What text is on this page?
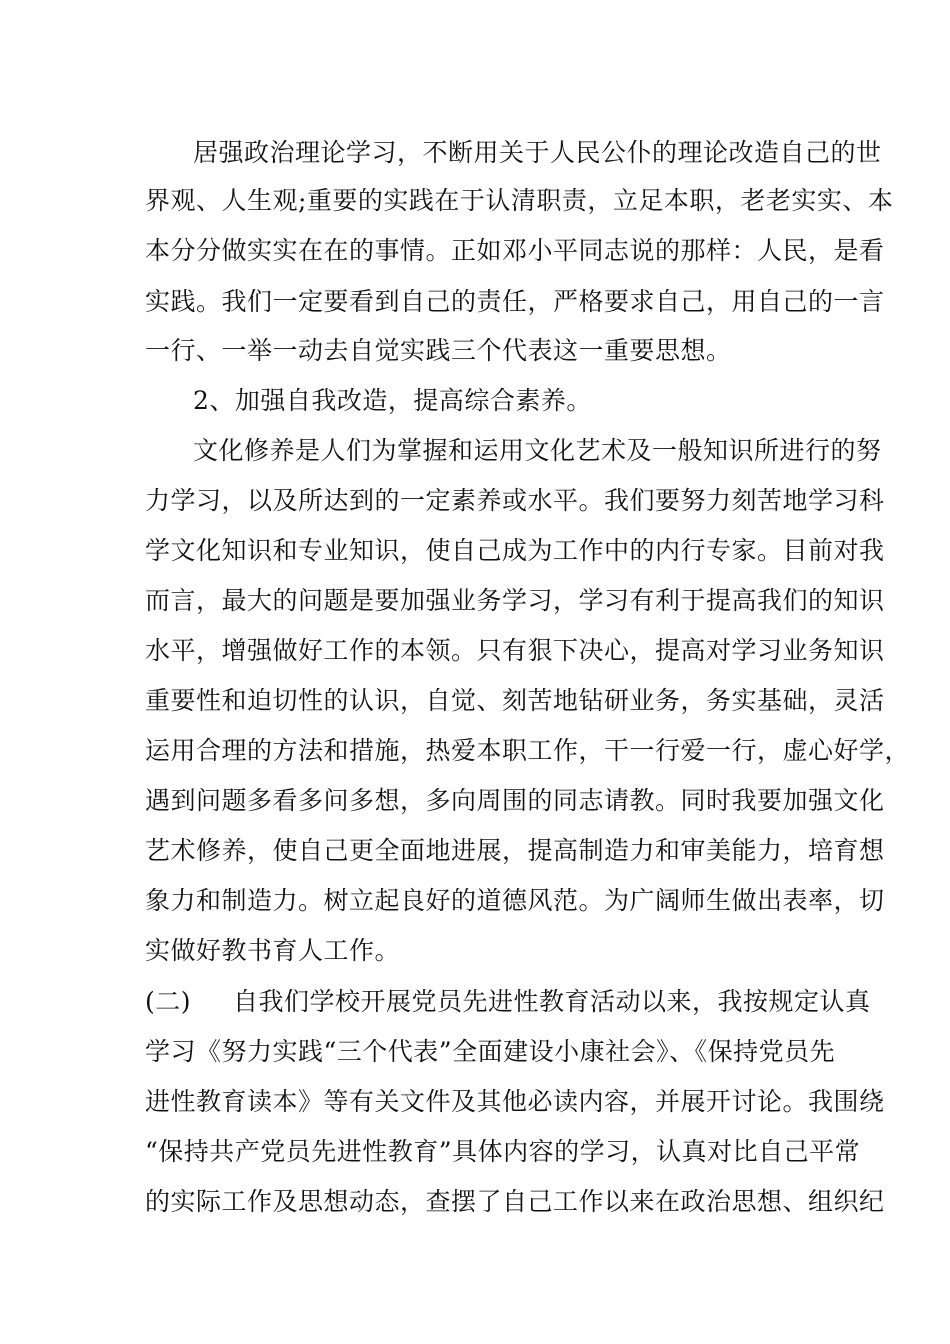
居强政治理论学习，不断用关于人民公仆的理论改造自己的世
界观、人生观;重要的实践在于认清职责，立足本职，老老实实、本
本分分做实实在在的事情。正如邓小平同志说的那样：人民，是看
实践。我们一定要看到自己的责任，严格要求自己，用自己的一言
一行、一举一动去自觉实践三个代表这一重要思想。
2、加强自我改造，提高综合素养。
文化修养是人们为掌握和运用文化艺术及一般知识所进行的努
力学习，以及所达到的一定素养或水平。我们要努力刻苦地学习科
学文化知识和专业知识，使自己成为工作中的内行专家。目前对我
而言，最大的问题是要加强业务学习，学习有利于提高我们的知识
水平，增强做好工作的本领。只有狠下决心，提高对学习业务知识
重要性和迫切性的认识，自觉、刻苦地钻研业务，务实基础，灵活
运用合理的方法和措施，热爱本职工作，干一行爱一行，虚心好学，
遇到问题多看多问多想，多向周围的同志请教。同时我要加强文化
艺术修养，使自己更全面地进展，提高制造力和审美能力，培育想
象力和制造力。树立起良好的道德风范。为广阔师生做出表率，切
实做好教书育人工作。
(二) 自我们学校开展党员先进性教育活动以来，我按规定认真
学习《努力实践“三个代表”全面建设小康社会》、《保持党员先
进性教育读本》等有关文件及其他必读内容，并展开讨论。我围绕
“保持共产党员先进性教育”具体内容的学习，认真对比自己平常
的实际工作及思想动态，查摆了自己工作以来在政治思想、组织纪
